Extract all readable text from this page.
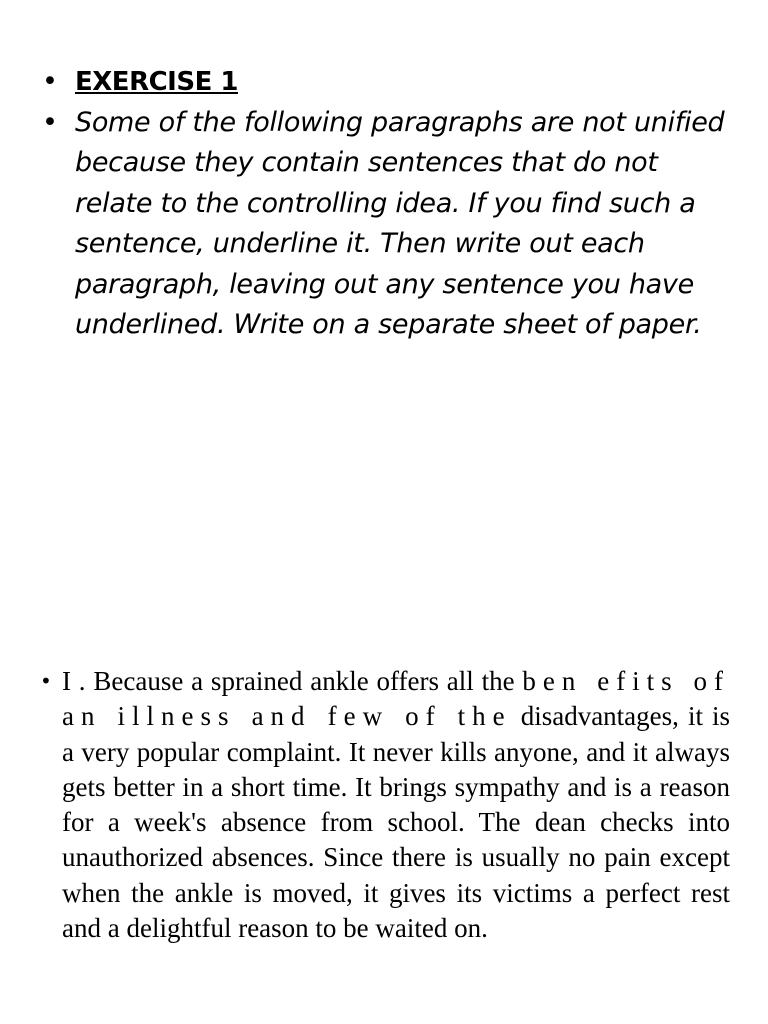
• EXERCISE 1
• Some of the following paragraphs are not unified because they contain sentences that do not relate to the controlling idea. If you find such a sentence, underline it. Then write out each paragraph, leaving out any sentence you have underlined. Write on a separate sheet of paper.
• I . Because a sprained ankle offers all the ben efits of an illness and few of the disadvantages, it is a very popular complaint. It never kills anyone, and it always gets better in a short time. It brings sympathy and is a reason for a week's absence from school. The dean checks into unauthorized absences. Since there is usually no pain except when the ankle is moved, it gives its victims a perfect rest and a delightful reason to be waited on.
